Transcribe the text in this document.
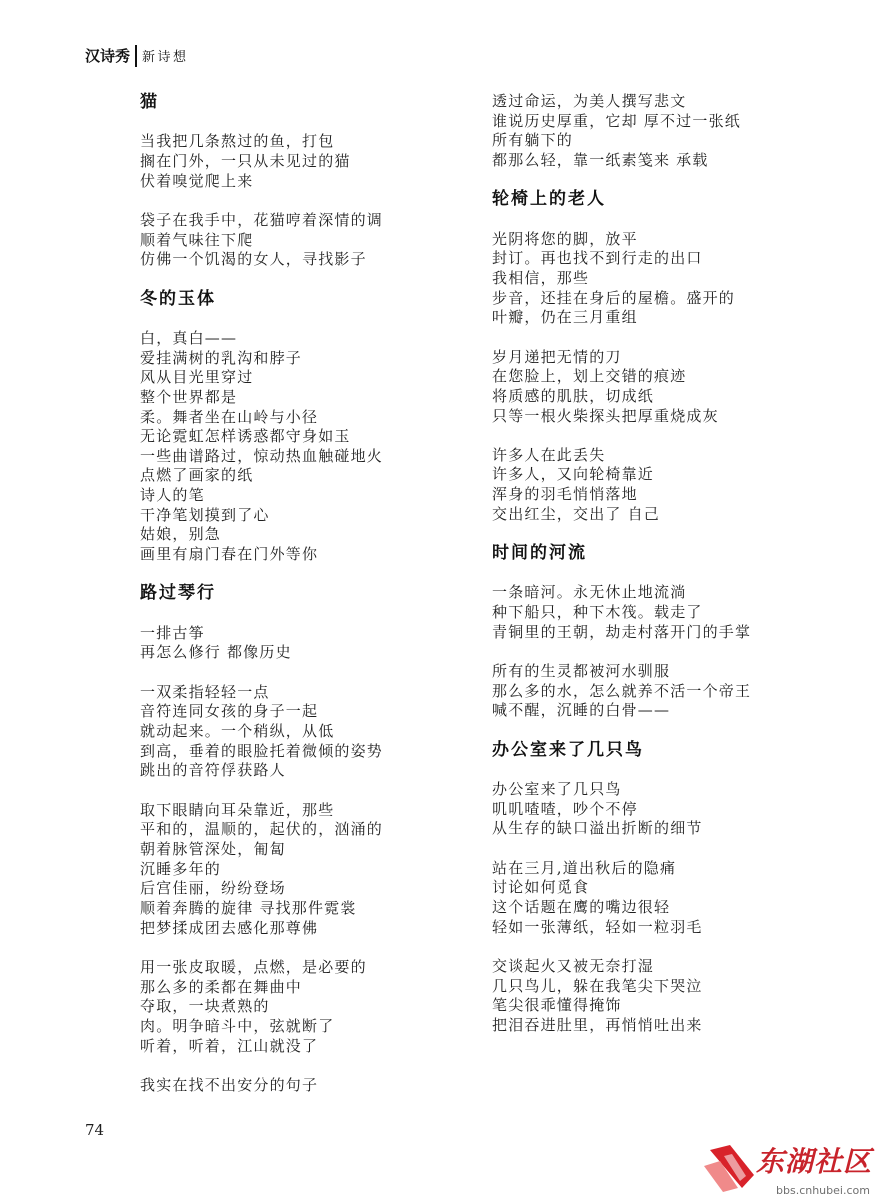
汉诗秀 新诗想
猫
当我把几条熬过的鱼，打包
搁在门外，一只从未见过的猫
伏着嗅觉爬上来
袋子在我手中，花猫哼着深情的调
顺着气味往下爬
仿佛一个饥渴的女人，寻找影子
冬的玉体
白，真白——
爱挂满树的乳沟和脖子
风从目光里穿过
整个世界都是
柔。舞者坐在山岭与小径
无论霓虹怎样诱惑都守身如玉
一些曲谱路过，惊动热血触碰地火
点燃了画家的纸
诗人的笔
干净笔划摸到了心
姑娘，别急
画里有扇门春在门外等你
路过琴行
一排古筝
再怎么修行 都像历史
一双柔指轻轻一点
音符连同女孩的身子一起
就动起来。一个稍纵，从低
到高，垂着的眼脸托着微倾的姿势
跳出的音符俘获路人
取下眼睛向耳朵靠近，那些
平和的，温顺的，起伏的，汹涌的
朝着脉管深处，匍匐
沉睡多年的
后宫佳丽，纷纷登场
顺着奔腾的旋律 寻找那件霓裳
把梦揉成团去感化那尊佛
用一张皮取暖，点燃，是必要的
那么多的柔都在舞曲中
夺取，一块煮熟的
肉。明争暗斗中，弦就断了
听着，听着，江山就没了
我实在找不出安分的句子
透过命运，为美人撰写悲文
谁说历史厚重，它却 厚不过一张纸
所有躺下的
都那么轻，靠一纸素笺来 承载
轮椅上的老人
光阴将您的脚，放平
封订。再也找不到行走的出口
我相信，那些
步音，还挂在身后的屋檐。盛开的
叶瓣，仍在三月重组
岁月递把无情的刀
在您脸上，划上交错的痕迹
将质感的肌肤，切成纸
只等一根火柴探头把厚重烧成灰
许多人在此丢失
许多人，又向轮椅靠近
浑身的羽毛悄悄落地
交出红尘，交出了 自己
时间的河流
一条暗河。永无休止地流淌
种下船只，种下木筏。载走了
青铜里的王朝，劫走村落开门的手掌
所有的生灵都被河水驯服
那么多的水，怎么就养不活一个帝王
喊不醒，沉睡的白骨——
办公室来了几只鸟
办公室来了几只鸟
叽叽喳喳，吵个不停
从生存的缺口溢出折断的细节
站在三月,道出秋后的隐痛
讨论如何觅食
这个话题在鹰的嘴边很轻
轻如一张薄纸，轻如一粒羽毛
交谈起火又被无奈打湿
几只鸟儿，躲在我笔尖下哭泣
笔尖很乖懂得掩饰
把泪吞进肚里，再悄悄吐出来
74
东湖社区
bbs.cnhubei.com
